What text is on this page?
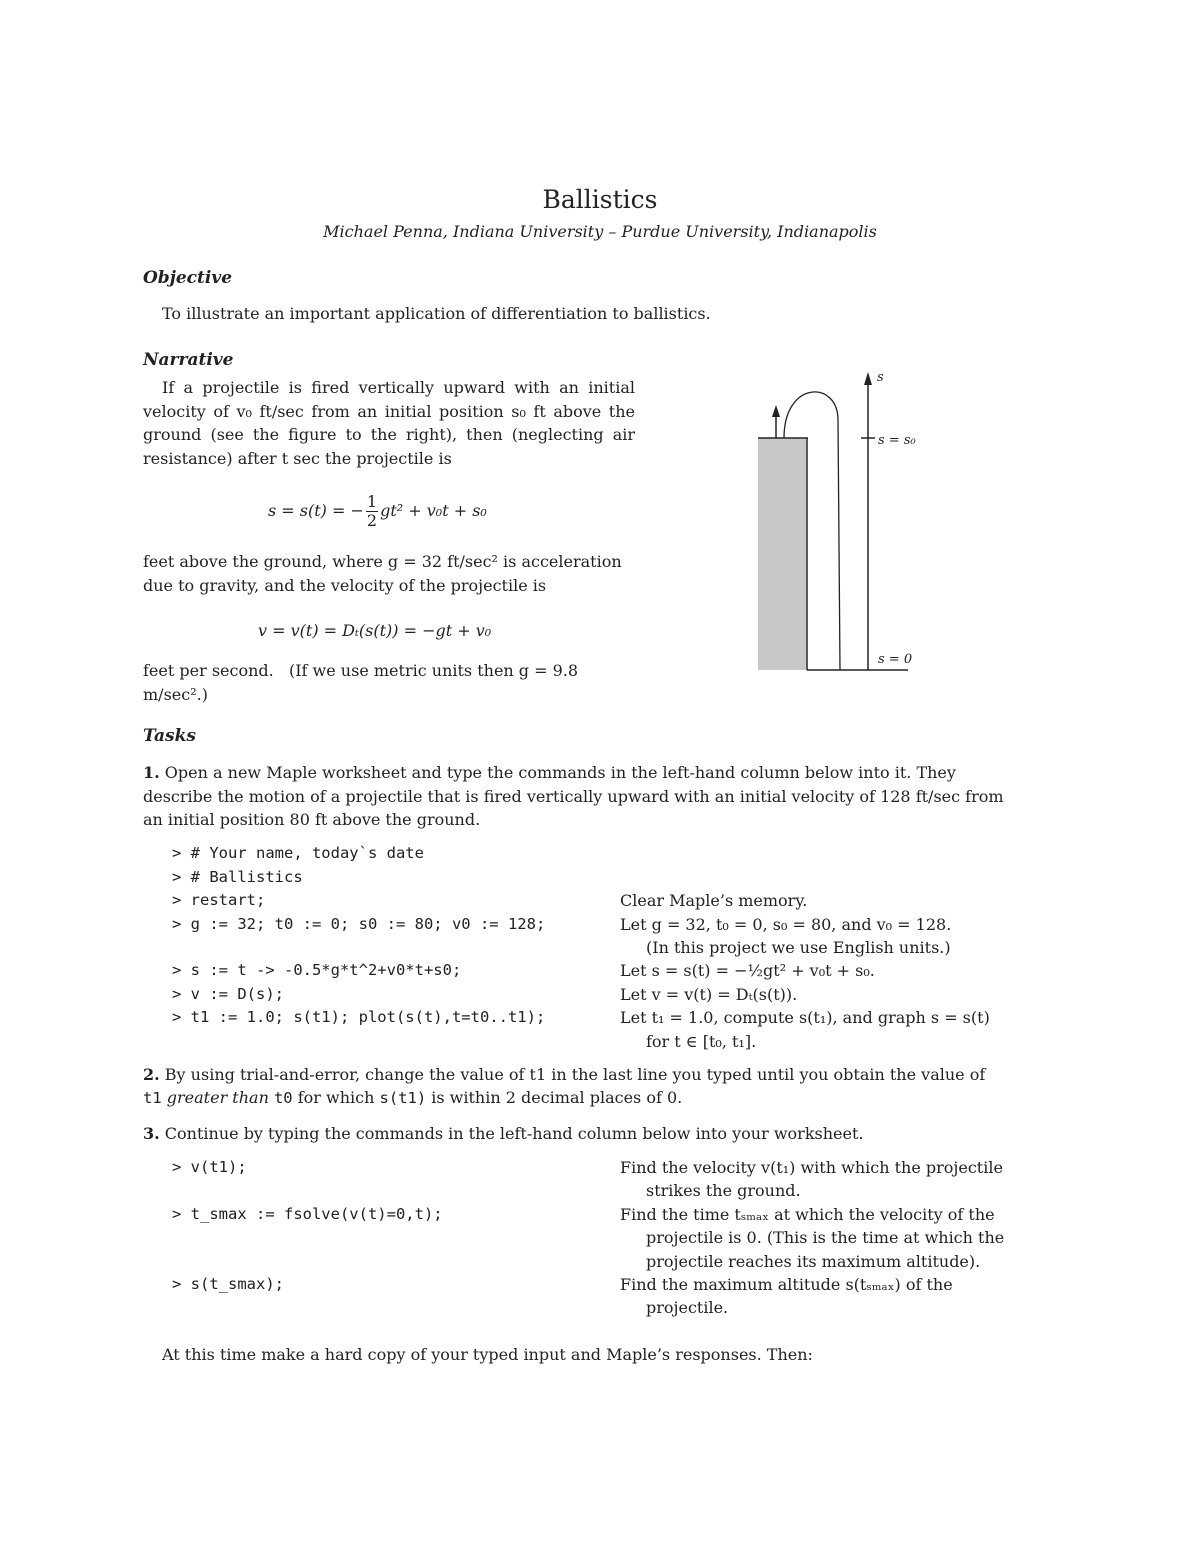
Ballistics
Michael Penna, Indiana University – Purdue University, Indianapolis
Objective
To illustrate an important application of differentiation to ballistics.
Narrative
If a projectile is fired vertically upward with an initial velocity of v₀ ft/sec from an initial position s₀ ft above the ground (see the figure to the right), then (neglecting air resistance) after t sec the projectile is
s = s(t) = − $\frac{1}{2} gt^2 + v_0t + s_0$
feet above the ground, where g = 32 ft/sec² is acceleration
due to gravity, and the velocity of the projectile is
v = v(t) = Dₜ(s(t)) = −gt + v₀
feet per second.   (If we use metric units then g = 9.8
m/sec².)
s
s = s₀
s = 0
Tasks
1. Open a new Maple worksheet and type the commands in the left-hand column below into it. They
describe the motion of a projectile that is fired vertically upward with an initial velocity of 128 ft/sec from
an initial position 80 ft above the ground.
> # Your name, today`s date
> # Ballistics
> restart;	Clear Maple’s memory.
> g := 32; t0 := 0; s0 := 80; v0 := 128;	Let g = 32, t₀ = 0, s₀ = 80, and v₀ = 128.
(In this project we use English units.)
> s := t -> -0.5*g*t^2+v0*t+s0;	Let s = s(t) = −½gt² + v₀t + s₀.
> v := D(s);	Let v = v(t) = Dₜ(s(t)).
> t1 := 1.0; s(t1); plot(s(t),t=t0..t1);	Let t₁ = 1.0, compute s(t₁), and graph s = s(t)
for t ∈ [t₀, t₁].
2. By using trial-and-error, change the value of t1 in the last line you typed until you obtain the value of
t1 greater than t0 for which s(t1) is within 2 decimal places of 0.
3. Continue by typing the commands in the left-hand column below into your worksheet.
> v(t1);	Find the velocity v(t₁) with which the projectile
strikes the ground.
> t_smax := fsolve(v(t)=0,t);	Find the time tₛₘₐₓ at which the velocity of the
projectile is 0. (This is the time at which the
projectile reaches its maximum altitude).
> s(t_smax);	Find the maximum altitude s(tₛₘₐₓ) of the
projectile.
At this time make a hard copy of your typed input and Maple’s responses. Then:
